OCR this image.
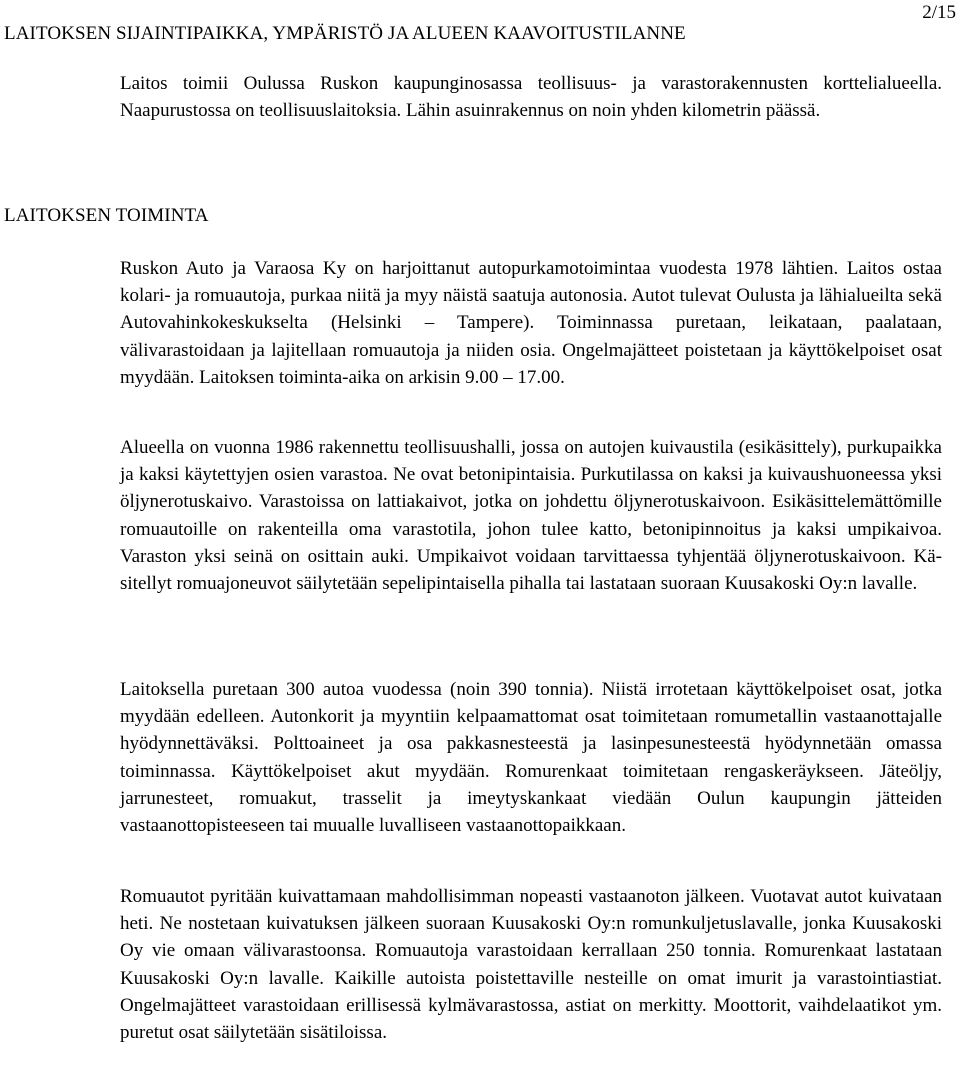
2/15
LAITOKSEN SIJAINTIPAIKKA, YMPÄRISTÖ JA ALUEEN KAAVOITUSTILANNE

Laitos toimii Oulussa Ruskon kaupunginosassa teollisuus- ja varastorakennusten korttelialueella. Naapurustossa on teollisuuslaitoksia. Lähin asuinrakennus on noin yhden kilometrin päässä.

LAITOKSEN TOIMINTA

Ruskon Auto ja Varaosa Ky on harjoittanut autopurkamotoimintaa vuodesta 1978 lähtien. Laitos ostaa kolari- ja romuautoja, purkaa niitä ja myy näistä saatuja autonosia. Autot tulevat Oulusta ja lähialueilta sekä Autovahinkokeskukselta (Helsinki – Tampere). Toiminnassa puretaan, leikataan, paalataan, välivarastoidaan ja lajitellaan romuautoja ja niiden osia. Ongelmajätteet poistetaan ja käyttökelpoiset osat myydään. Laitoksen toiminta-aika on arkisin 9.00 – 17.00.

Alueella on vuonna 1986 rakennettu teollisuushalli, jossa on autojen kuivaustila (esikäsittely), purkupaikka ja kaksi käytettyjen osien varastoa. Ne ovat betonipintaisia. Purkutilassa on kaksi ja kuivaushuoneessa yksi öljynerotuskaivo. Varastoissa on lattiakaivot, jotka on johdettu öljynerotuskaivoon. Esikäsittelemättömille romuautoille on rakenteilla oma varastotila, johon tulee katto, betonipinnoitus ja kaksi umpikaivoa. Varaston yksi seinä on osittain auki. Umpikaivot voidaan tarvittaessa tyhjentää öljynerotuskaivoon. Käsitellyt romuajoneuvot säilytetään sepelipintaisella pihalla tai lastataan suoraan Kuusakoski Oy:n lavalle.

Laitoksella puretaan 300 autoa vuodessa (noin 390 tonnia). Niistä irrotetaan käyttökelpoiset osat, jotka myydään edelleen. Autonkorit ja myyntiin kelpaamattomat osat toimitetaan romumetallin vastaanottajalle hyödynnettäväksi. Polttoaineet ja osa pakkasnesteestä ja lasinpesunesteestä hyödynnetään omassa toiminnassa. Käyttökelpoiset akut myydään. Romurenkaat toimitetaan rengaskeräykseen. Jäteöljy, jarrunesteet, romuakut, trasselit ja imeytyskankaat viedään Oulun kaupungin jätteiden vastaanottopisteeseen tai muualle luvalliseen vastaanottopaikkaan.

Romuautot pyritään kuivattamaan mahdollisimman nopeasti vastaanoton jälkeen. Vuotavat autot kuivataan heti. Ne nostetaan kuivatuksen jälkeen suoraan Kuusakoski Oy:n romunkuljetuslavalle, jonka Kuusakoski Oy vie omaan välivarastoonsa. Romuautoja varastoidaan kerrallaan 250 tonnia. Romurenkaat lastataan Kuusakoski Oy:n lavalle. Kaikille autoista poistettaville nesteille on omat imurit ja varastointiastiat. Ongelmajätteet varastoidaan erillisessä kylmävarastossa, astiat on merkitty. Moottorit, vaihdelaatikot ym. puretut osat säilytetään sisätiloissa.
